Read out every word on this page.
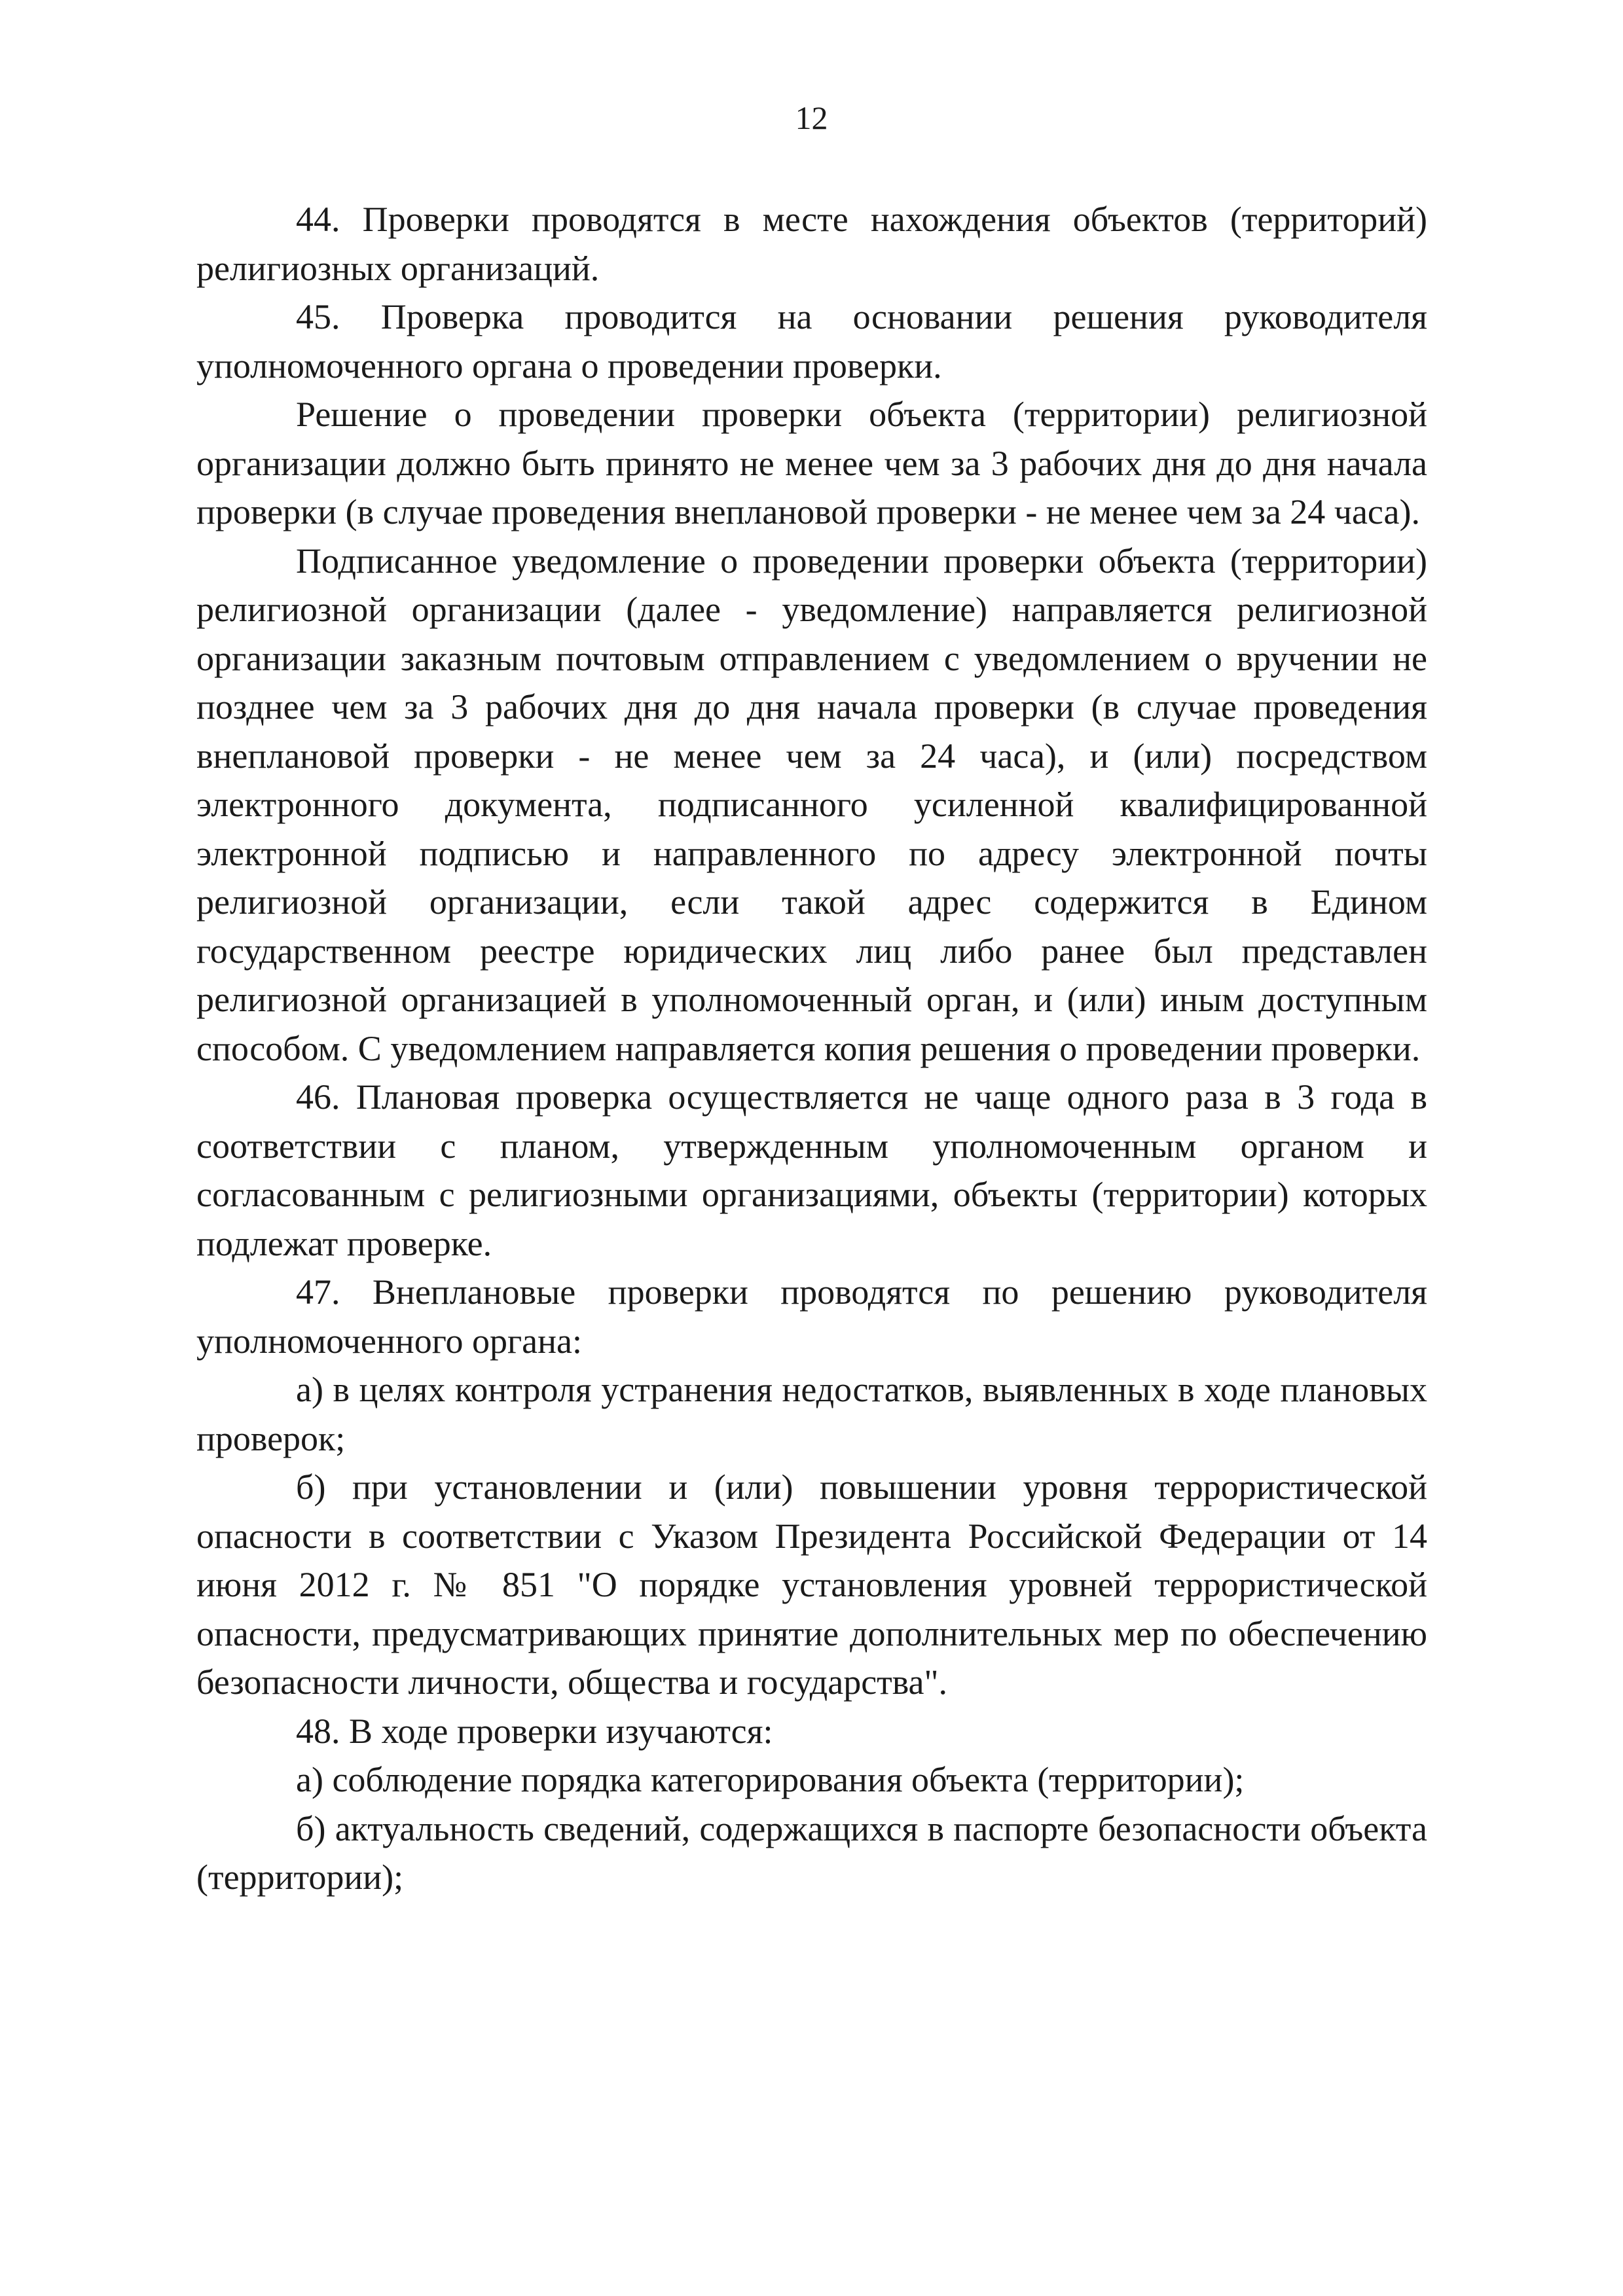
12

44. Проверки проводятся в месте нахождения объектов (территорий) религиозных организаций.

45. Проверка проводится на основании решения руководителя уполномоченного органа о проведении проверки.

Решение о проведении проверки объекта (территории) религиозной организации должно быть принято не менее чем за 3 рабочих дня до дня начала проверки (в случае проведения внеплановой проверки - не менее чем за 24 часа).

Подписанное уведомление о проведении проверки объекта (территории) религиозной организации (далее - уведомление) направляется религиозной организации заказным почтовым отправлением с уведомлением о вручении не позднее чем за 3 рабочих дня до дня начала проверки (в случае проведения внеплановой проверки - не менее чем за 24 часа), и (или) посредством электронного документа, подписанного усиленной квалифицированной электронной подписью и направленного по адресу электронной почты религиозной организации, если такой адрес содержится в Едином государственном реестре юридических лиц либо ранее был представлен религиозной организацией в уполномоченный орган, и (или) иным доступным способом. С уведомлением направляется копия решения о проведении проверки.

46. Плановая проверка осуществляется не чаще одного раза в 3 года в соответствии с планом, утвержденным уполномоченным органом и согласованным с религиозными организациями, объекты (территории) которых подлежат проверке.

47. Внеплановые проверки проводятся по решению руководителя уполномоченного органа:

а) в целях контроля устранения недостатков, выявленных в ходе плановых проверок;

б) при установлении и (или) повышении уровня террористической опасности в соответствии с Указом Президента Российской Федерации от 14 июня 2012 г. № 851 "О порядке установления уровней террористической опасности, предусматривающих принятие дополнительных мер по обеспечению безопасности личности, общества и государства".

48. В ходе проверки изучаются:

а) соблюдение порядка категорирования объекта (территории);

б) актуальность сведений, содержащихся в паспорте безопасности объекта (территории);
